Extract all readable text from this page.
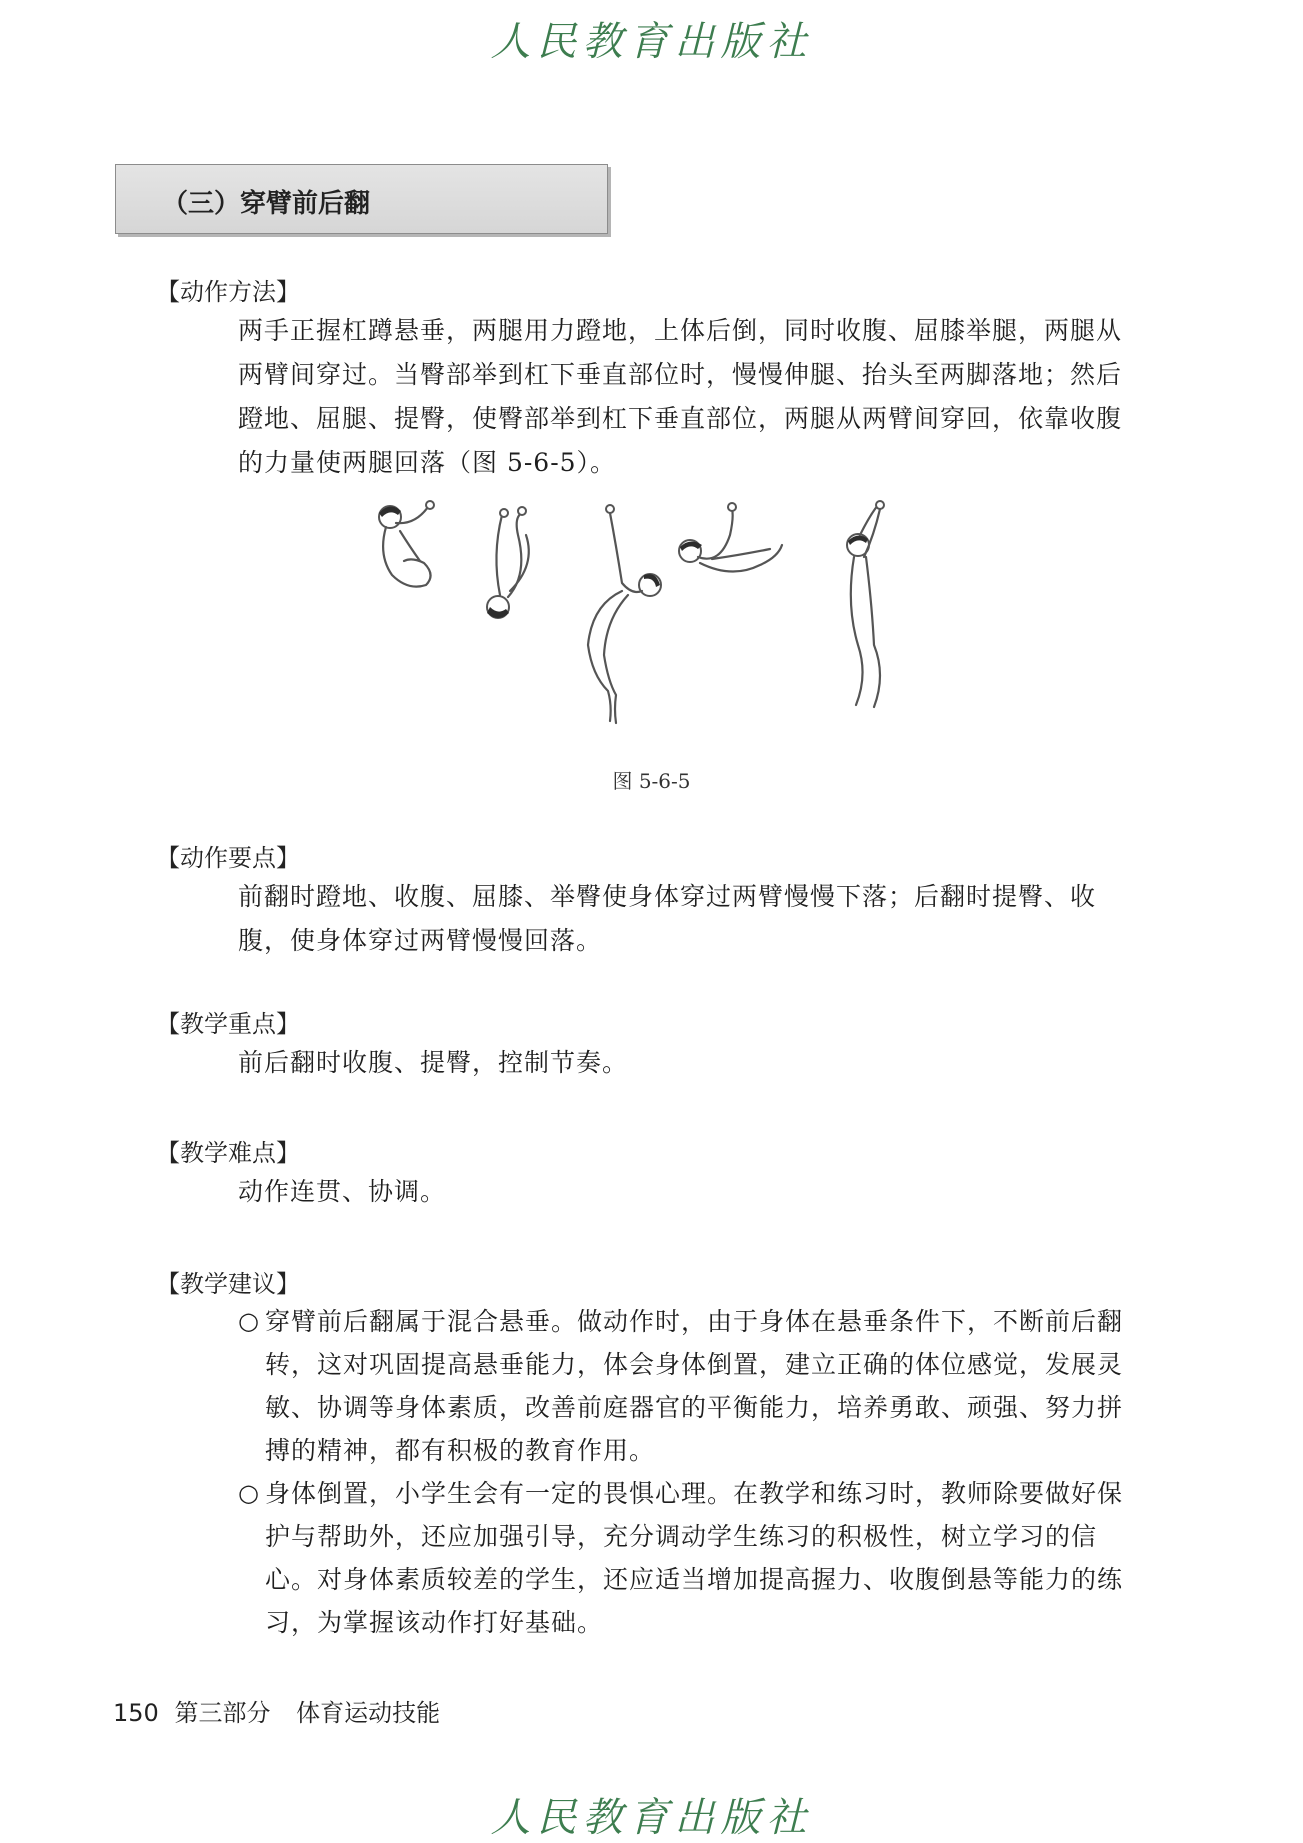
人民教育出版社
（三）穿臂前后翻
【动作方法】
两手正握杠蹲悬垂，两腿用力蹬地，上体后倒，同时收腹、屈膝举腿，两腿从两臂间穿过。当臀部举到杠下垂直部位时，慢慢伸腿、抬头至两脚落地；然后蹬地、屈腿、提臀，使臀部举到杠下垂直部位，两腿从两臂间穿回，依靠收腹的力量使两腿回落（图 5-6-5）。
图 5-6-5
【动作要点】
前翻时蹬地、收腹、屈膝、举臀使身体穿过两臂慢慢下落；后翻时提臀、收腹，使身体穿过两臂慢慢回落。
【教学重点】
前后翻时收腹、提臀，控制节奏。
【教学难点】
动作连贯、协调。
【教学建议】
○ 穿臂前后翻属于混合悬垂。做动作时，由于身体在悬垂条件下，不断前后翻转，这对巩固提高悬垂能力，体会身体倒置，建立正确的体位感觉，发展灵敏、协调等身体素质，改善前庭器官的平衡能力，培养勇敢、顽强、努力拼搏的精神，都有积极的教育作用。
○ 身体倒置，小学生会有一定的畏惧心理。在教学和练习时，教师除要做好保护与帮助外，还应加强引导，充分调动学生练习的积极性，树立学习的信心。对身体素质较差的学生，还应适当增加提高握力、收腹倒悬等能力的练习，为掌握该动作打好基础。
150 第三部分 体育运动技能
人民教育出版社
